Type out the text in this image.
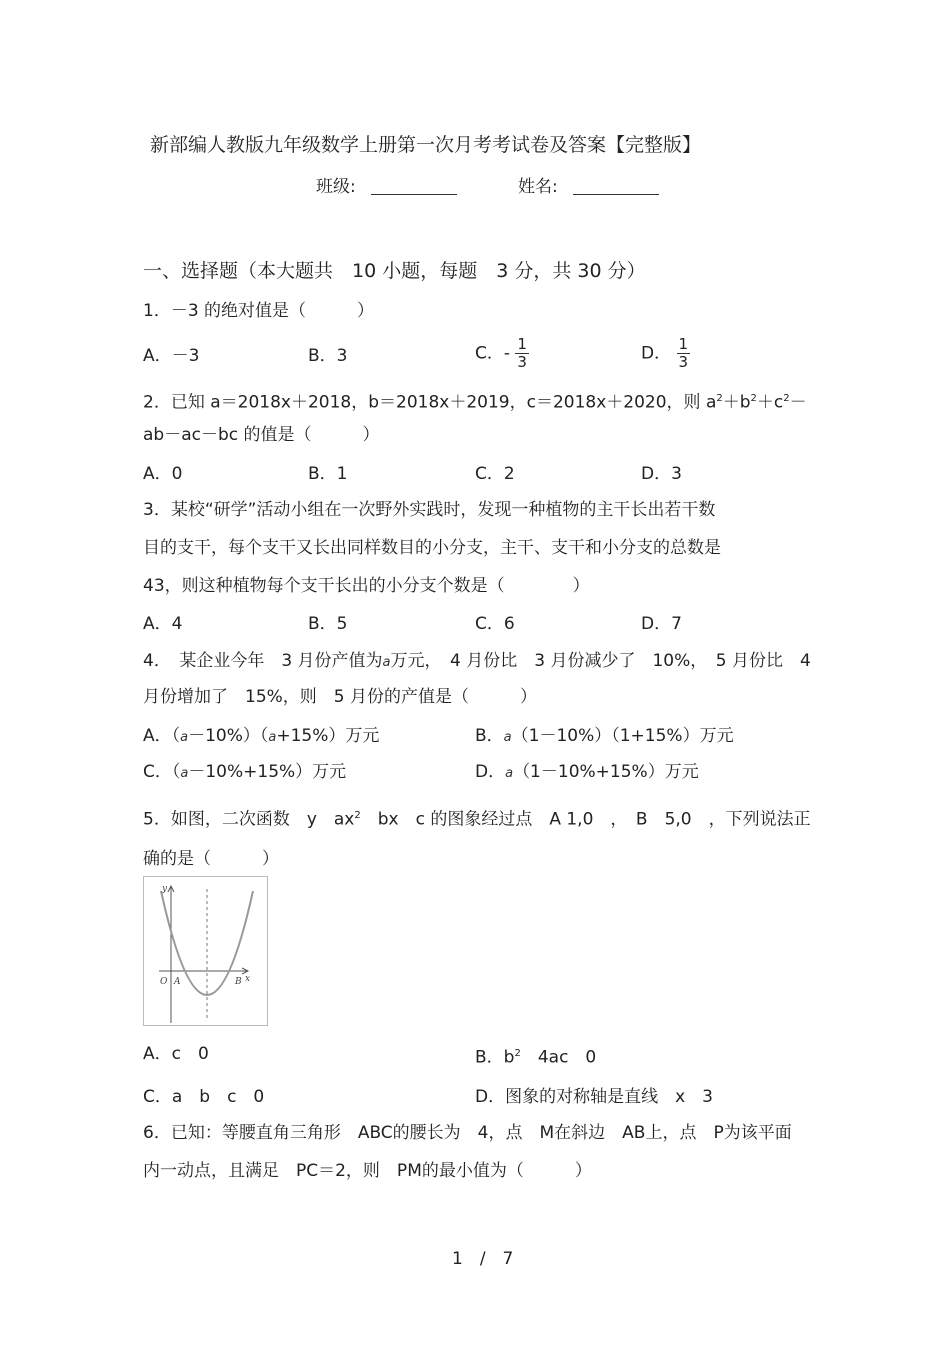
新部编人教版九年级数学上册第一次月考考试卷及答案【完整版】
班级:	姓名:
一、选择题（本大题共　10 小题，每题　3 分，共 30 分）
1．－3 的绝对值是（　　　）
A．－3	B．3	C．- $\frac{1}{3}$	D． $\frac{1}{3}$
2．已知 a＝2018x＋2018，b＝2018x＋2019，c＝2018x＋2020，则 $a^2+b^2+c^2-$
ab－ac－bc 的值是（　　　）
A．0	B．1	C．2	D．3
3．某校“研学”活动小组在一次野外实践时，发现一种植物的主干长出若干数
目的支干，每个支干又长出同样数目的小分支，主干、支干和小分支的总数是
43，则这种植物每个支干长出的小分支个数是（　　　　）
A．4	B．5	C．6	D．7
4．　某企业今年　3 月份产值为a万元，　4 月份比　3 月份减少了　10%，　5 月份比　4
月份增加了　15%，则　5 月份的产值是（　　　）
A．（a－10%）（a+15%）万元	B．a（1－10%）（1+15%）万元
C．（a－10%+15%）万元	D．a（1－10%+15%）万元
5．如图，二次函数　y　$ax^2$　bx　c 的图象经过点　A 1,0　，　B　5,0　，下列说法正
确的是（　　　）
y
x
O A	B
A．c　0	B．$b^2$　4ac　0
C．a　b　c　0	D．图象的对称轴是直线　x　3
6．已知：等腰直角三角形　ABC的腰长为　4，点　M在斜边　AB上，点　P为该平面
内一动点，且满足　PC＝2，则　PM的最小值为（　　　）
1　/　7
